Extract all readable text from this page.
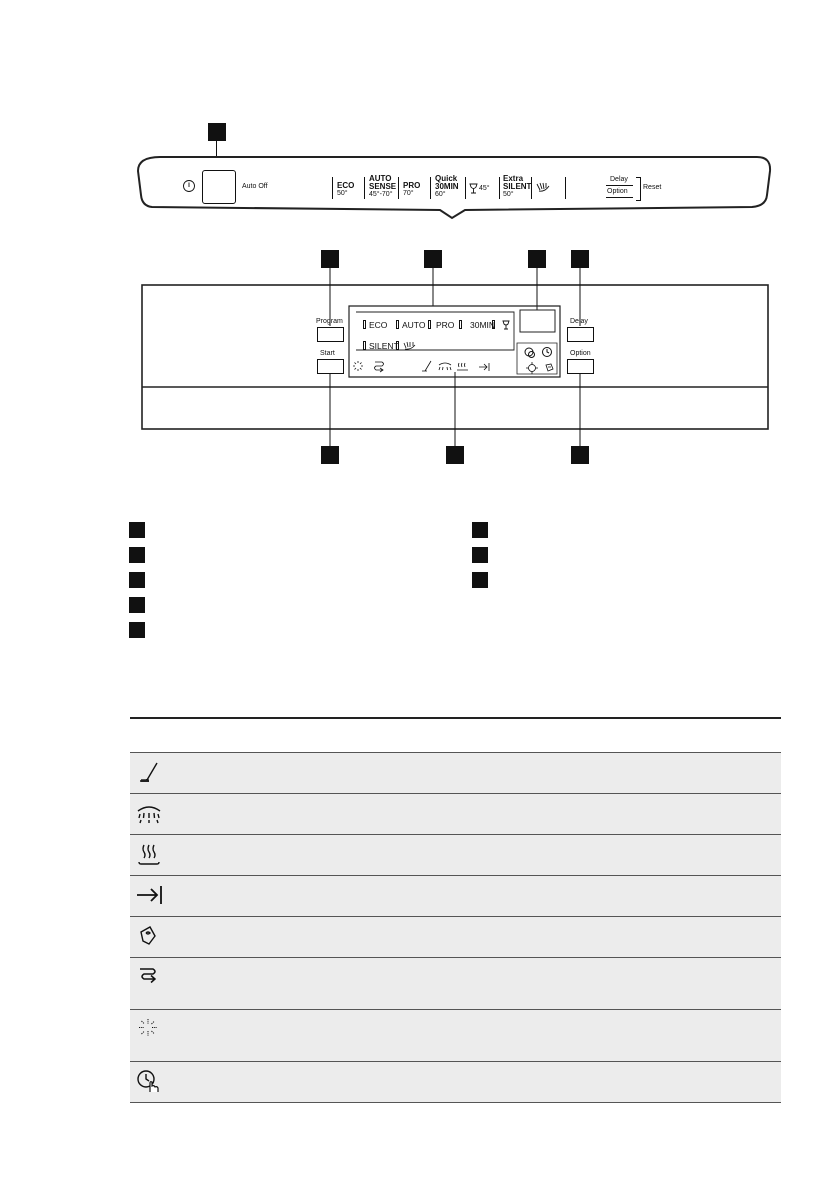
Auto Off	ECO
50°
AUTO SENSE
45°-70°
PRO
70°
Quick 30MIN
60°
45°
Extra SILENT
50°
Delay
Option
Reset
Program
Start
Delay
Option
ECO AUTO PRO 30MIN
SILENT
